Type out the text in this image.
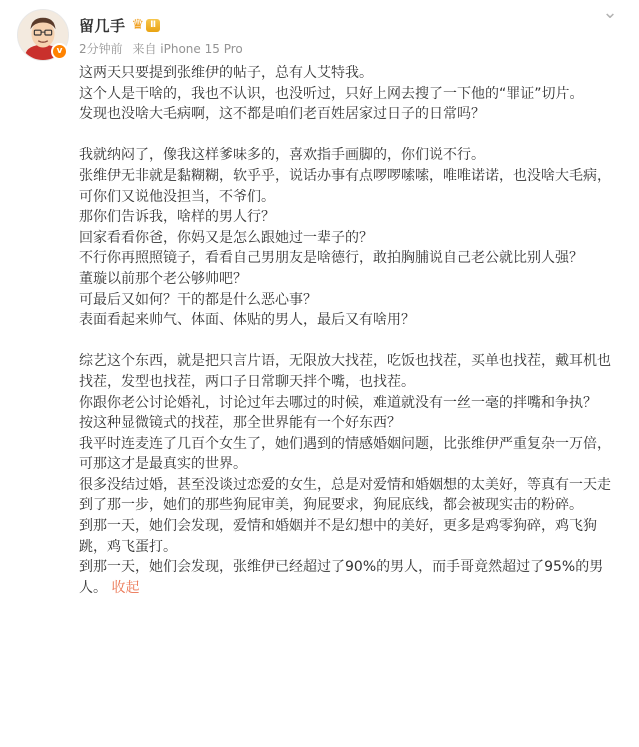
v
留几手 ♛ Ⅱ
2分钟前 来自 iPhone 15 Pro
⌄

这两天只要提到张维伊的帖子，总有人艾特我。

这个人是干啥的，我也不认识，也没听过，只好上网去搜了一下他的“罪证”切片。

发现也没啥大毛病啊，这不都是咱们老百姓居家过日子的日常吗？

我就纳闷了，像我这样爹味多的，喜欢指手画脚的，你们说不行。

张维伊无非就是黏糊糊，软乎乎，说话办事有点啰啰嗦嗦，唯唯诺诺，也没啥大毛病，可你们又说他没担当，不爷们。

那你们告诉我，啥样的男人行？

回家看看你爸，你妈又是怎么跟她过一辈子的？

不行你再照照镜子，看看自己男朋友是啥德行，敢拍胸脯说自己老公就比别人强？

董璇以前那个老公够帅吧？

可最后又如何？干的都是什么恶心事？

表面看起来帅气、体面、体贴的男人，最后又有啥用？

综艺这个东西，就是把只言片语，无限放大找茬，吃饭也找茬，买单也找茬，戴耳机也找茬，发型也找茬，两口子日常聊天拌个嘴，也找茬。

你跟你老公讨论婚礼，讨论过年去哪过的时候，难道就没有一丝一毫的拌嘴和争执？

按这种显微镜式的找茬，那全世界能有一个好东西？

我平时连麦连了几百个女生了，她们遇到的情感婚姻问题，比张维伊严重复杂一万倍，可那这才是最真实的世界。

很多没结过婚，甚至没谈过恋爱的女生，总是对爱情和婚姻想的太美好，等真有一天走到了那一步，她们的那些狗屁审美，狗屁要求，狗屁底线，都会被现实击的粉碎。

到那一天，她们会发现，爱情和婚姻并不是幻想中的美好，更多是鸡零狗碎，鸡飞狗跳，鸡飞蛋打。

到那一天，她们会发现，张维伊已经超过了90%的男人，而手哥竟然超过了95%的男人。 收起
